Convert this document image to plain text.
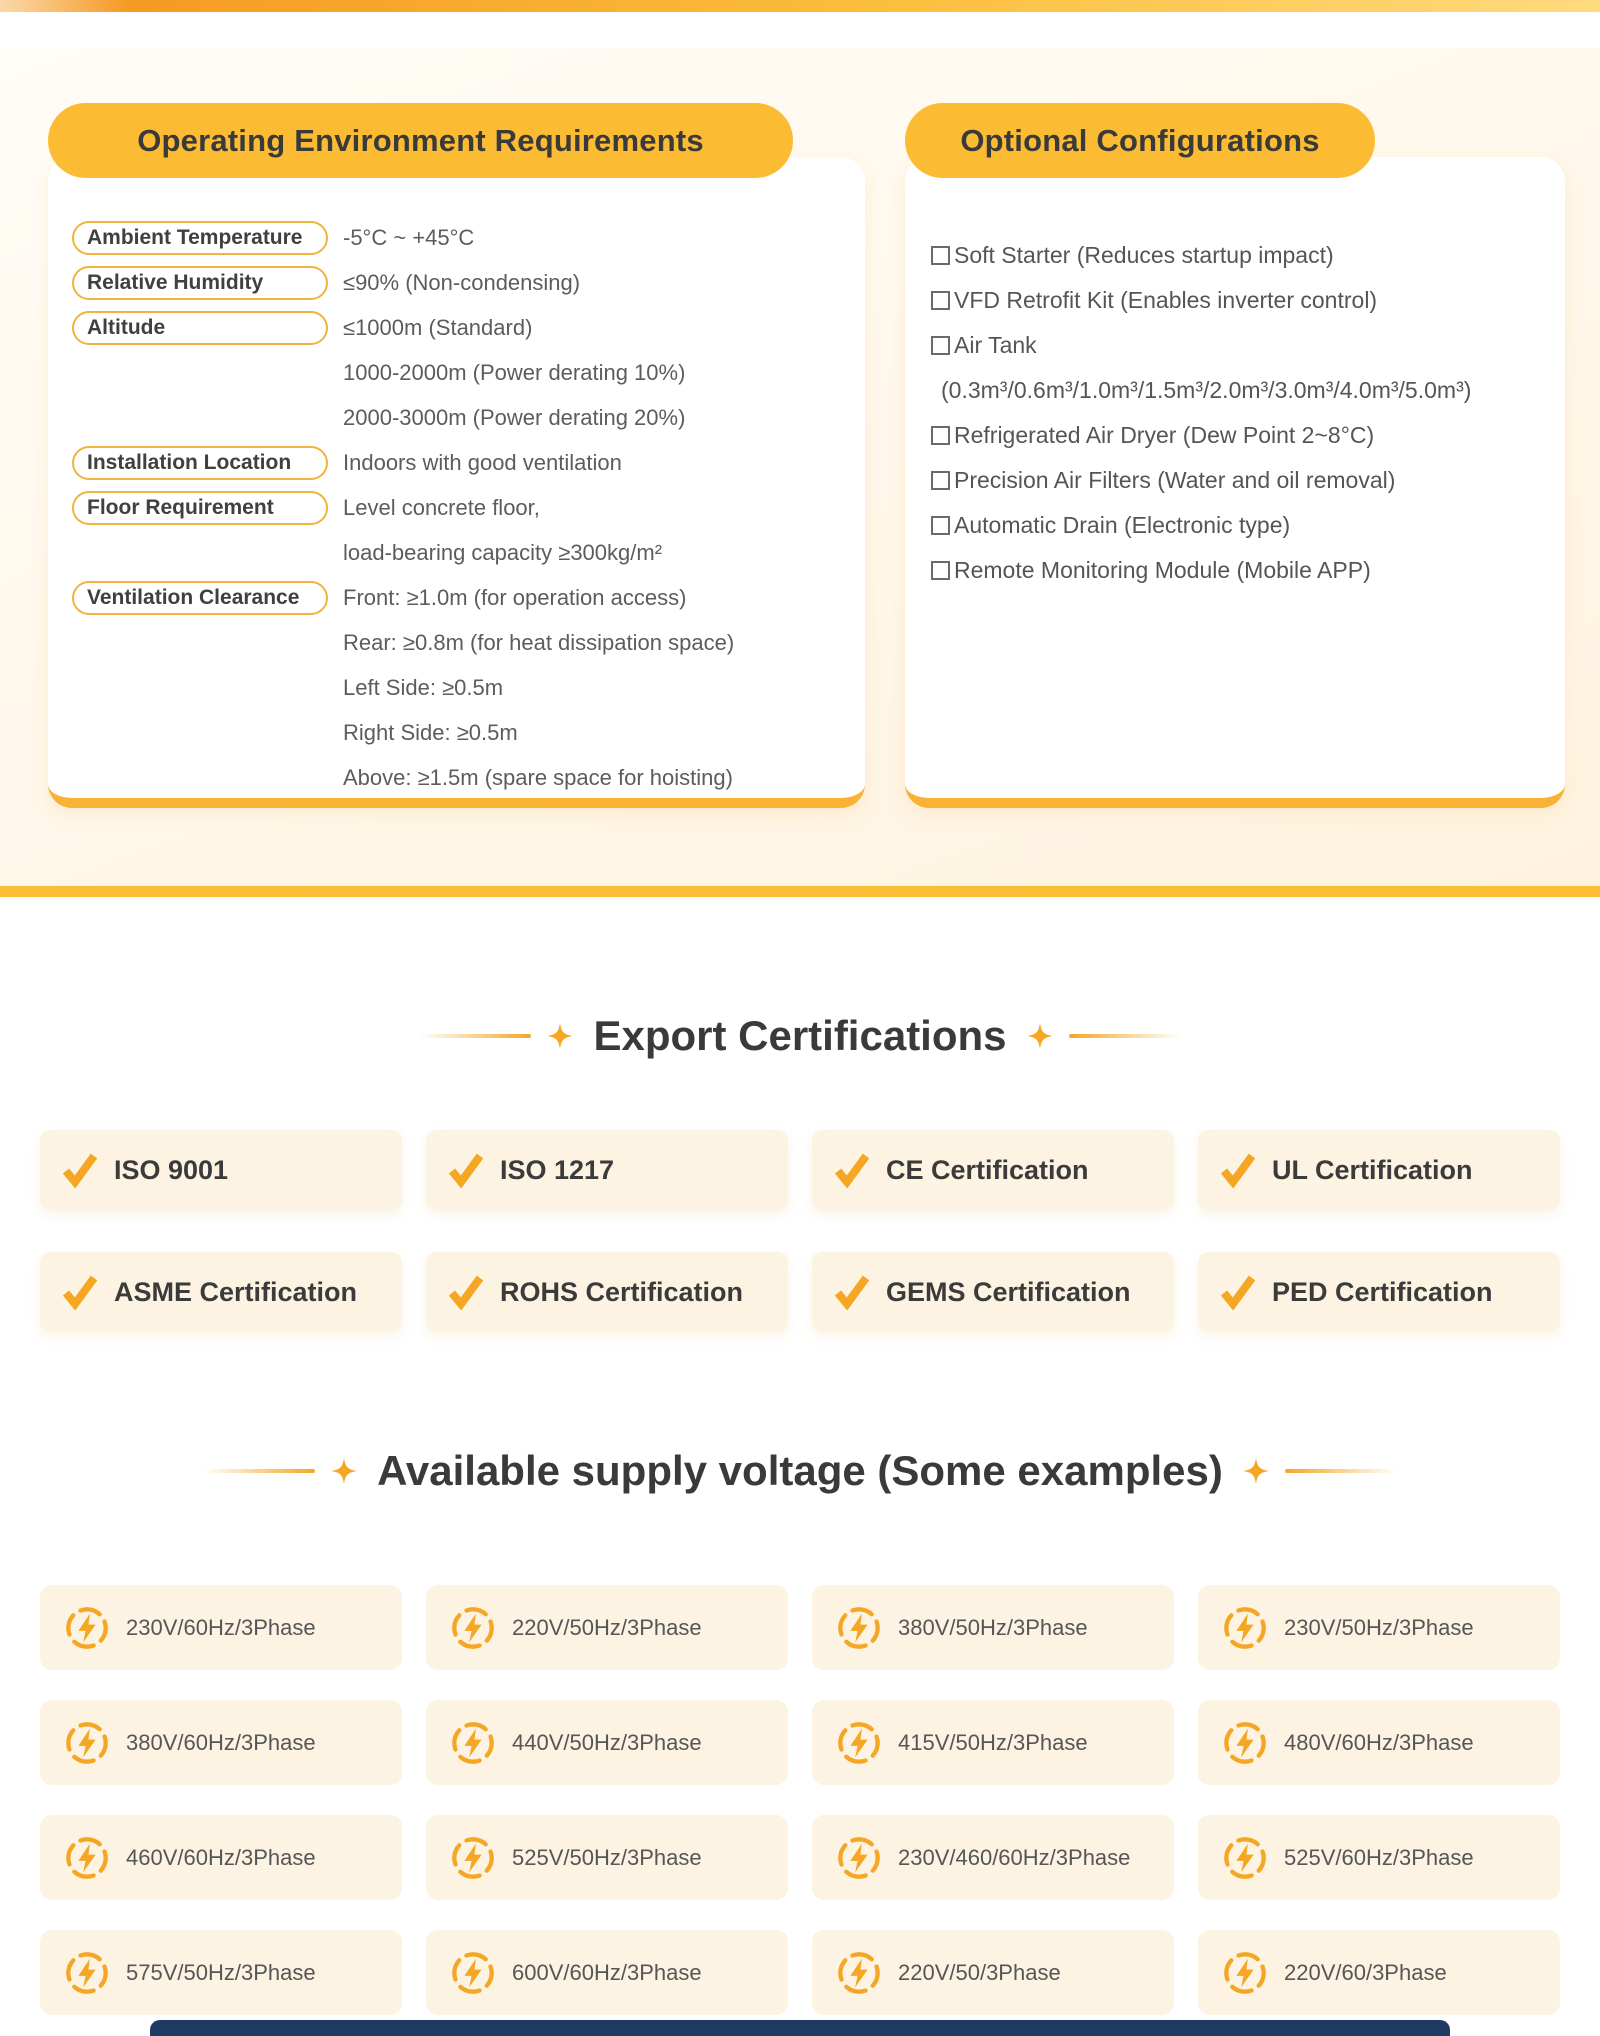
Operating Environment Requirements
Ambient Temperature	-5°C ~ +45°C
Relative Humidity	≤90% (Non-condensing)
Altitude	≤1000m (Standard)
1000-2000m (Power derating 10%)
2000-3000m (Power derating 20%)
Installation Location	Indoors with good ventilation
Floor Requirement	Level concrete floor,
load-bearing capacity ≥300kg/m²
Ventilation Clearance	Front: ≥1.0m (for operation access)
Rear: ≥0.8m (for heat dissipation space)
Left Side: ≥0.5m
Right Side: ≥0.5m
Above: ≥1.5m (spare space for hoisting)
Optional Configurations
Soft Starter (Reduces startup impact)
VFD Retrofit Kit (Enables inverter control)
Air Tank
(0.3m³/0.6m³/1.0m³/1.5m³/2.0m³/3.0m³/4.0m³/5.0m³)
Refrigerated Air Dryer (Dew Point 2~8°C)
Precision Air Filters (Water and oil removal)
Automatic Drain (Electronic type)
Remote Monitoring Module (Mobile APP)
Export Certifications
ISO 9001	ISO 1217	CE Certification	UL Certification
ASME Certification	ROHS Certification	GEMS Certification	PED Certification
Available supply voltage (Some examples)
230V/60Hz/3Phase	220V/50Hz/3Phase	380V/50Hz/3Phase	230V/50Hz/3Phase
380V/60Hz/3Phase	440V/50Hz/3Phase	415V/50Hz/3Phase	480V/60Hz/3Phase
460V/60Hz/3Phase	525V/50Hz/3Phase	230V/460/60Hz/3Phase	525V/60Hz/3Phase
575V/50Hz/3Phase	600V/60Hz/3Phase	220V/50/3Phase	220V/60/3Phase
